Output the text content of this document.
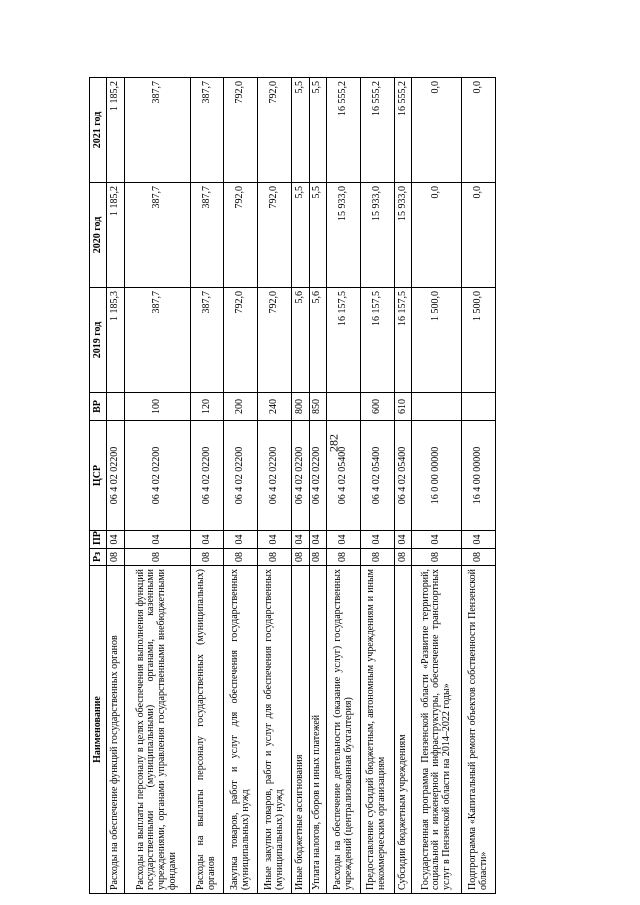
282
Наименование	Рз	ПР	ЦСР	ВР	2019 год	2020 год	2021 год
Расходы на обеспечение функций государственных органов	08	04	06 4 02 02200		1 185,3	1 185,2	1 185,2
Расходы на выплаты персоналу в целях обеспечения выполнения функций государственными (муниципальными) органами, казенными учреждениями, органами управления государственными внебюджетными фондами	08	04	06 4 02 02200	100	387,7	387,7	387,7
Расходы на выплаты персоналу государственных (муниципальных) органов	08	04	06 4 02 02200	120	387,7	387,7	387,7
Закупка товаров, работ и услуг для обеспечения государственных (муниципальных) нужд	08	04	06 4 02 02200	200	792,0	792,0	792,0
Иные закупки товаров, работ и услуг для обеспечения государственных (муниципальных) нужд	08	04	06 4 02 02200	240	792,0	792,0	792,0
Иные бюджетные ассигнования	08	04	06 4 02 02200	800	5,6	5,5	5,5
Уплата налогов, сборов и иных платежей	08	04	06 4 02 02200	850	5,6	5,5	5,5
Расходы на обеспечение деятельности (оказание услуг) государственных учреждений (централизованная бухгалтерия)	08	04	06 4 02 05400		16 157,5	15 933,0	16 555,2
Предоставление субсидий бюджетным, автономным учреждениям и иным некоммерческим организациям	08	04	06 4 02 05400	600	16 157,5	15 933,0	16 555,2
Субсидии бюджетным учреждениям	08	04	06 4 02 05400	610	16 157,5	15 933,0	16 555,2
Государственная программа Пензенской области «Развитие территорий, социальной и инженерной инфраструктуры, обеспечение транспортных услуг в Пензенской области на 2014–2022 годы»	08	04	16 0 00 00000		1 500,0	0,0	0,0
Подпрограмма «Капитальный ремонт объектов собственности Пензенской области»	08	04	16 4 00 00000		1 500,0	0,0	0,0
